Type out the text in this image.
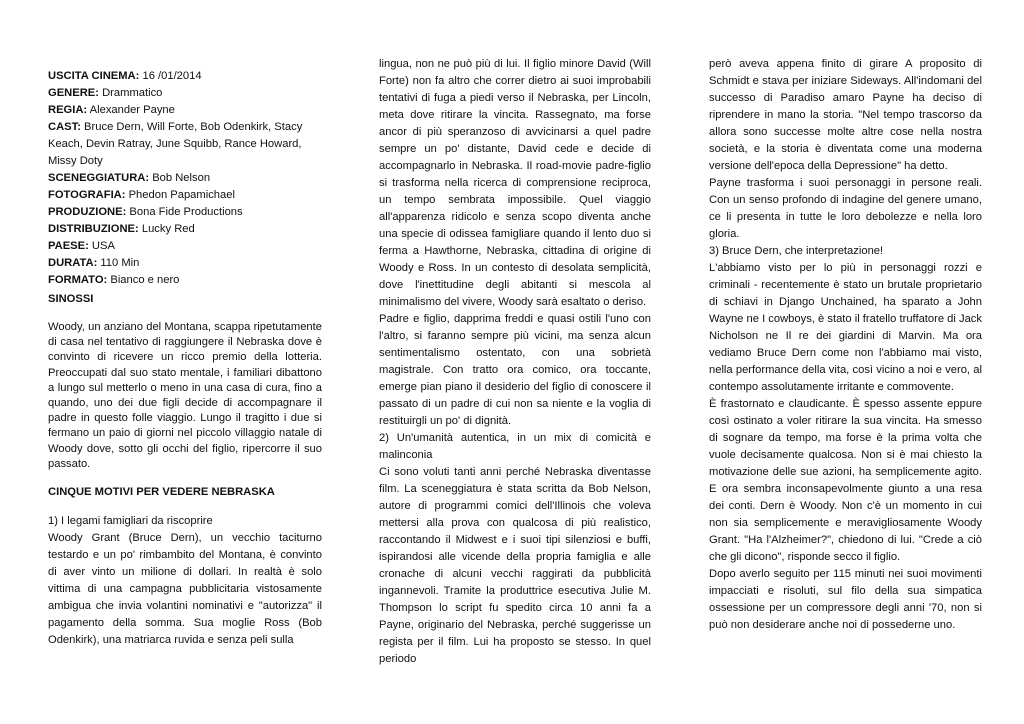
USCITA CINEMA: 16 /01/2014

GENERE: Drammatico

REGIA: Alexander Payne

CAST: Bruce Dern, Will Forte, Bob Odenkirk, Stacy Keach, Devin Ratray, June Squibb, Rance Howard, Missy Doty

SCENEGGIATURA: Bob Nelson

FOTOGRAFIA: Phedon Papamichael

PRODUZIONE: Bona Fide Productions

DISTRIBUZIONE: Lucky Red

PAESE: USA

DURATA: 110 Min

FORMATO: Bianco e nero

SINOSSI

Woody, un anziano del Montana, scappa ripetutamente di casa nel tentativo di raggiungere il Nebraska dove è convinto di ricevere un ricco premio della lotteria. Preoccupati dal suo stato mentale, i familiari dibattono a lungo sul metterlo o meno in una casa di cura, fino a quando, uno dei due figli decide di accompagnare il padre in questo folle viaggio. Lungo il tragitto i due si fermano un paio di giorni nel piccolo villaggio natale di Woody dove, sotto gli occhi del figlio, ripercorre il suo passato.

CINQUE MOTIVI PER VEDERE NEBRASKA

1) I legami famigliari da riscoprire

Woody Grant (Bruce Dern), un vecchio taciturno testardo e un po' rimbambito del Montana, è convinto di aver vinto un milione di dollari. In realtà è solo vittima di una campagna pubblicitaria vistosamente ambigua che invia volantini nominativi e "autorizza" il pagamento della somma. Sua moglie Ross (Bob Odenkirk), una matriarca ruvida e senza peli sulla

lingua, non ne può più di lui. Il figlio minore David (Will Forte) non fa altro che correr dietro ai suoi improbabili tentativi di fuga a piedi verso il Nebraska, per Lincoln, meta dove ritirare la vincita. Rassegnato, ma forse ancor di più speranzoso di avvicinarsi a quel padre sempre un po' distante, David cede e decide di accompagnarlo in Nebraska. Il road-movie padre-figlio si trasforma nella ricerca di comprensione reciproca, un tempo sembrata impossibile. Quel viaggio all'apparenza ridicolo e senza scopo diventa anche una specie di odissea famigliare quando il lento duo si ferma a Hawthorne, Nebraska, cittadina di origine di Woody e Ross. In un contesto di desolata semplicità, dove l'inettitudine degli abitanti si mescola al minimalismo del vivere, Woody sarà esaltato o deriso.

Padre e figlio, dapprima freddi e quasi ostili l'uno con l'altro, si faranno sempre più vicini, ma senza alcun sentimentalismo ostentato, con una sobrietà magistrale. Con tratto ora comico, ora toccante, emerge pian piano il desiderio del figlio di conoscere il passato di un padre di cui non sa niente e la voglia di restituirgli un po' di dignità.

2) Un'umanità autentica, in un mix di comicità e malinconia

Ci sono voluti tanti anni perché Nebraska diventasse film. La sceneggiatura è stata scritta da Bob Nelson, autore di programmi comici dell'Illinois che voleva mettersi alla prova con qualcosa di più realistico, raccontando il Midwest e i suoi tipi silenziosi e buffi, ispirandosi alle vicende della propria famiglia e alle cronache di alcuni vecchi raggirati da pubblicità ingannevoli. Tramite la produttrice esecutiva Julie M. Thompson lo script fu spedito circa 10 anni fa a Payne, originario del Nebraska, perché suggerisse un regista per il film. Lui ha proposto se stesso. In quel periodo

però aveva appena finito di girare A proposito di Schmidt e stava per iniziare Sideways. All'indomani del successo di Paradiso amaro Payne ha deciso di riprendere in mano la storia. "Nel tempo trascorso da allora sono successe molte altre cose nella nostra società, e la storia è diventata come una moderna versione dell'epoca della Depressione" ha detto.

Payne trasforma i suoi personaggi in persone reali. Con un senso profondo di indagine del genere umano, ce li presenta in tutte le loro debolezze e nella loro gloria.

3) Bruce Dern, che interpretazione!

L'abbiamo visto per lo più in personaggi rozzi e criminali - recentemente è stato un brutale proprietario di schiavi in Django Unchained, ha sparato a John Wayne ne I cowboys, è stato il fratello truffatore di Jack Nicholson ne Il re dei giardini di Marvin. Ma ora vediamo Bruce Dern come non l'abbiamo mai visto, nella performance della vita, così vicino a noi e vero, al contempo assolutamente irritante e commovente.

È frastornato e claudicante. È spesso assente eppure così ostinato a voler ritirare la sua vincita. Ha smesso di sognare da tempo, ma forse è la prima volta che vuole decisamente qualcosa. Non si è mai chiesto la motivazione delle sue azioni, ha semplicemente agito. E ora sembra inconsapevolmente giunto a una resa dei conti. Dern è Woody. Non c'è un momento in cui non sia semplicemente e meravigliosamente Woody Grant. "Ha l'Alzheimer?", chiedono di lui. "Crede a ciò che gli dicono", risponde secco il figlio.

Dopo averlo seguito per 115 minuti nei suoi movimenti impacciati e risoluti, sul filo della sua simpatica ossessione per un compressore degli anni '70, non si può non desiderare anche noi di possederne uno.
